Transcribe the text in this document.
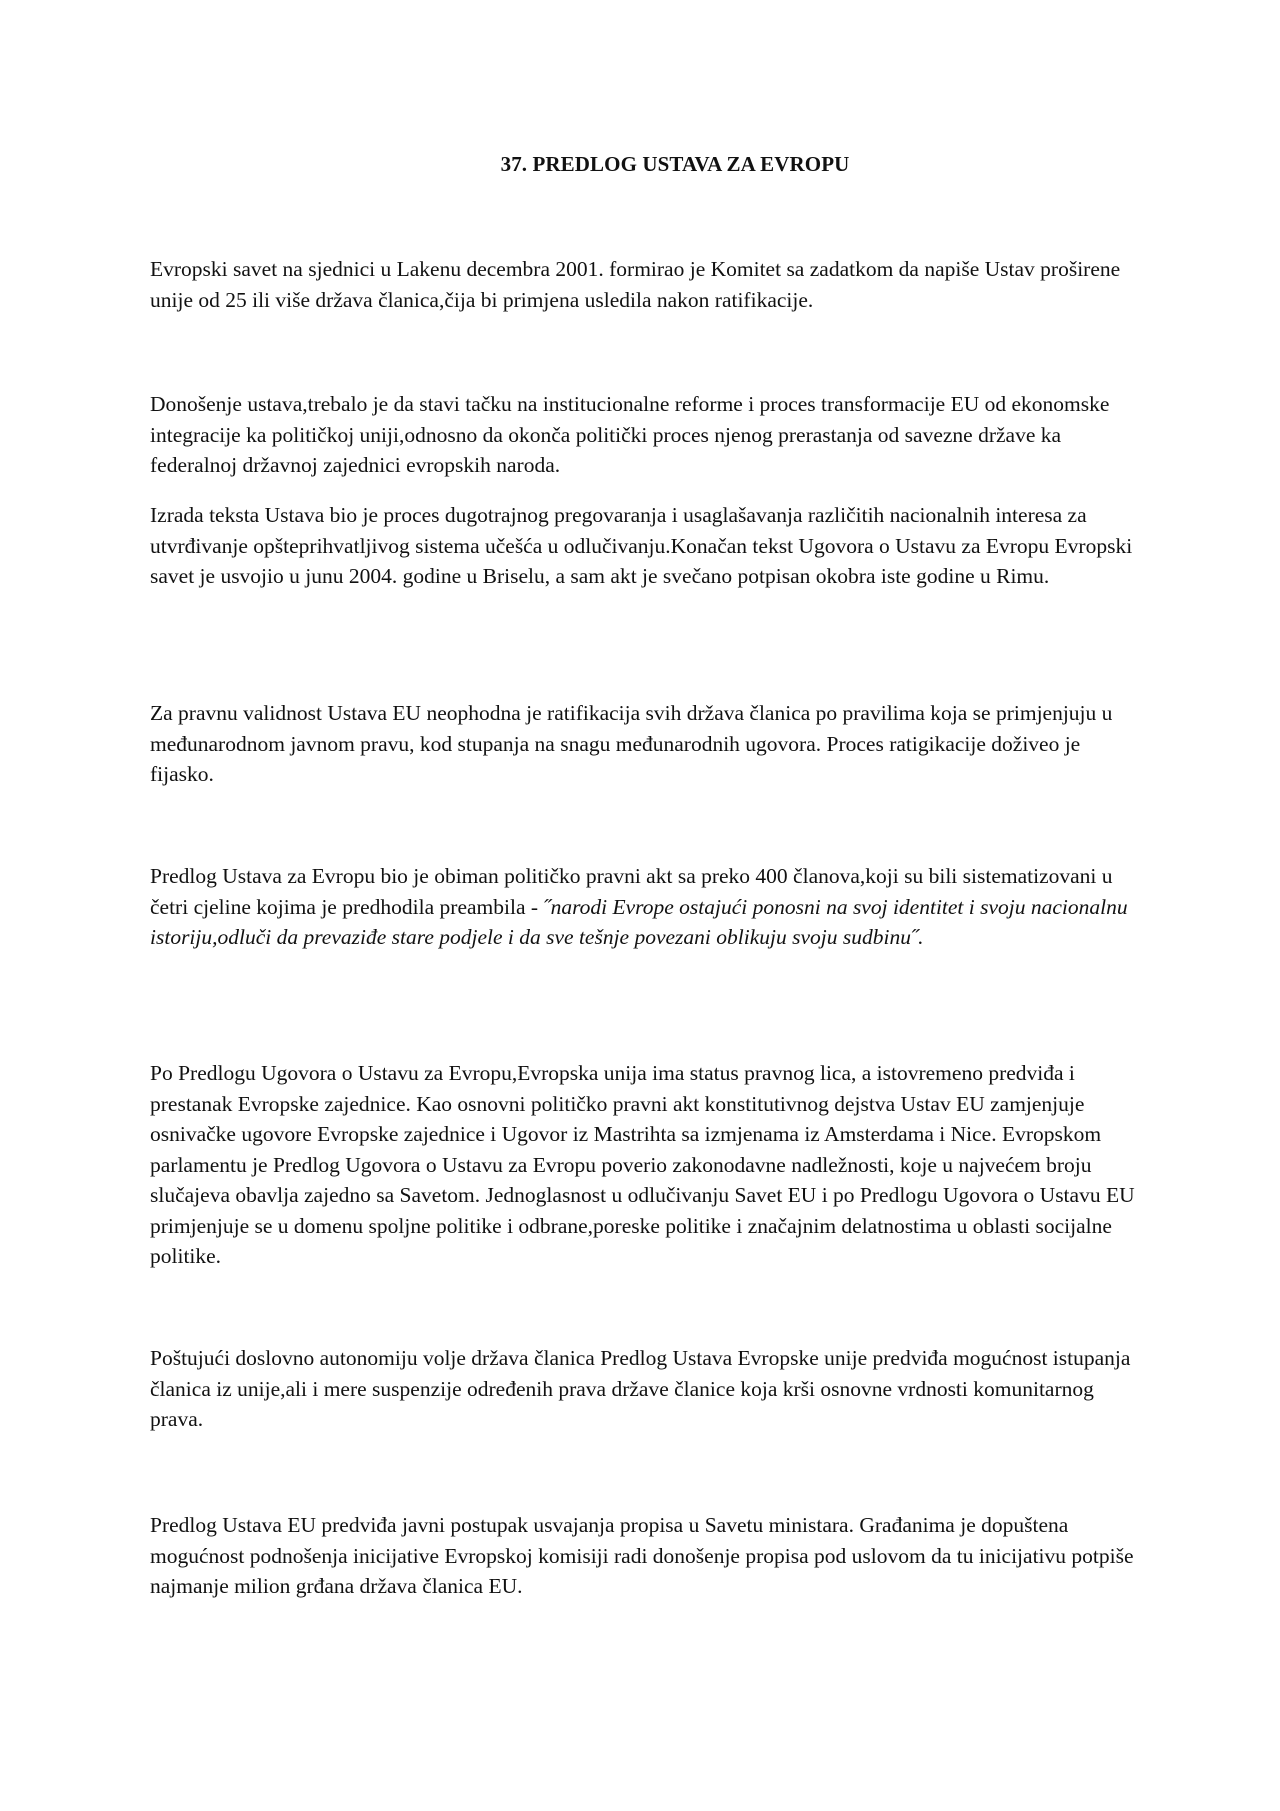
37. PREDLOG USTAVA ZA EVROPU

Evropski savet na sjednici u Lakenu decembra 2001. formirao je Komitet sa zadatkom da napiše Ustav proširene unije od 25 ili više država članica,čija bi primjena usledila nakon ratifikacije.

Donošenje ustava,trebalo je da stavi tačku na institucionalne reforme i proces transformacije EU od ekonomske integracije ka političkoj uniji,odnosno da okonča politički proces njenog prerastanja od savezne države ka federalnoj državnoj zajednici evropskih naroda.

Izrada teksta Ustava bio je proces dugotrajnog pregovaranja i usaglašavanja različitih nacionalnih interesa za utvrđivanje opšteprihvatljivog sistema učešća u odlučivanju.Konačan tekst Ugovora o Ustavu za Evropu Evropski savet je usvojio u junu 2004. godine u Briselu, a sam akt je svečano potpisan okobra iste godine u Rimu.

Za pravnu validnost Ustava EU neophodna je ratifikacija svih država članica po pravilima koja se primjenjuju u međunarodnom javnom pravu, kod stupanja na snagu međunarodnih ugovora. Proces ratigikacije doživeo je fijasko.

Predlog Ustava za Evropu bio je obiman političko pravni akt sa preko 400 članova,koji su bili sistematizovani u četri cjeline kojima je predhodila preambila - ˝narodi Evrope ostajući ponosni na svoj identitet i svoju nacionalnu istoriju,odluči da prevaziđe stare podjele i da sve tešnje povezani oblikuju svoju sudbinu˝.

Po Predlogu Ugovora o Ustavu za Evropu,Evropska unija ima status pravnog lica, a istovremeno predviđa i prestanak Evropske zajednice. Kao osnovni političko pravni akt konstitutivnog dejstva Ustav EU zamjenjuje osnivačke ugovore Evropske zajednice i Ugovor iz Mastrihta sa izmjenama iz Amsterdama i Nice. Evropskom parlamentu je Predlog Ugovora o Ustavu za Evropu poverio zakonodavne nadležnosti, koje u najvećem broju slučajeva obavlja zajedno sa Savetom. Jednoglasnost u odlučivanju Savet EU i po Predlogu Ugovora o Ustavu EU primjenjuje se u domenu spoljne politike i odbrane,poreske politike i značajnim delatnostima u oblasti socijalne politike.

Poštujući doslovno autonomiju volje država članica Predlog Ustava Evropske unije predviđa mogućnost istupanja članica iz unije,ali i mere suspenzije određenih prava države članice koja krši osnovne vrdnosti komunitarnog prava.

Predlog Ustava EU predviđa javni postupak usvajanja propisa u Savetu ministara. Građanima je dopuštena mogućnost podnošenja inicijative Evropskoj komisiji radi donošenje propisa pod uslovom da tu inicijativu potpiše najmanje milion grđana država članica EU.
